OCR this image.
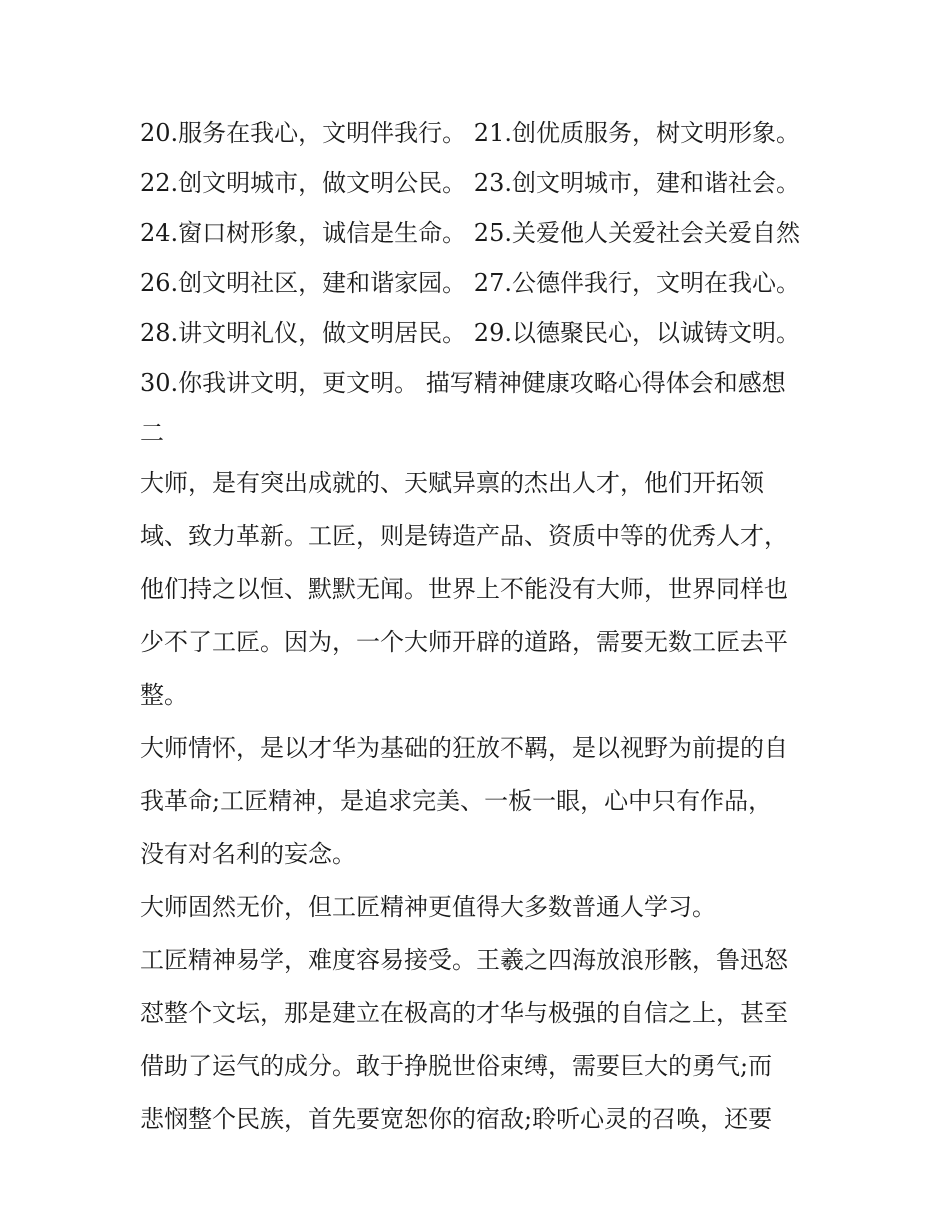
20.服务在我心，文明伴我行。 21.创优质服务，树文明形象。
22.创文明城市，做文明公民。 23.创文明城市，建和谐社会。
24.窗口树形象，诚信是生命。 25.关爱他人关爱社会关爱自然
26.创文明社区，建和谐家园。 27.公德伴我行，文明在我心。
28.讲文明礼仪，做文明居民。 29.以德聚民心，以诚铸文明。
30.你我讲文明，更文明。 描写精神健康攻略心得体会和感想
二
大师，是有突出成就的、天赋异禀的杰出人才，他们开拓领
域、致力革新。工匠，则是铸造产品、资质中等的优秀人才，
他们持之以恒、默默无闻。世界上不能没有大师，世界同样也
少不了工匠。因为，一个大师开辟的道路，需要无数工匠去平
整。
大师情怀，是以才华为基础的狂放不羁，是以视野为前提的自
我革命;工匠精神，是追求完美、一板一眼，心中只有作品，
没有对名利的妄念。
大师固然无价，但工匠精神更值得大多数普通人学习。
工匠精神易学，难度容易接受。王羲之四海放浪形骸，鲁迅怒
怼整个文坛，那是建立在极高的才华与极强的自信之上，甚至
借助了运气的成分。敢于挣脱世俗束缚，需要巨大的勇气;而
悲悯整个民族，首先要宽恕你的宿敌;聆听心灵的召唤，还要
